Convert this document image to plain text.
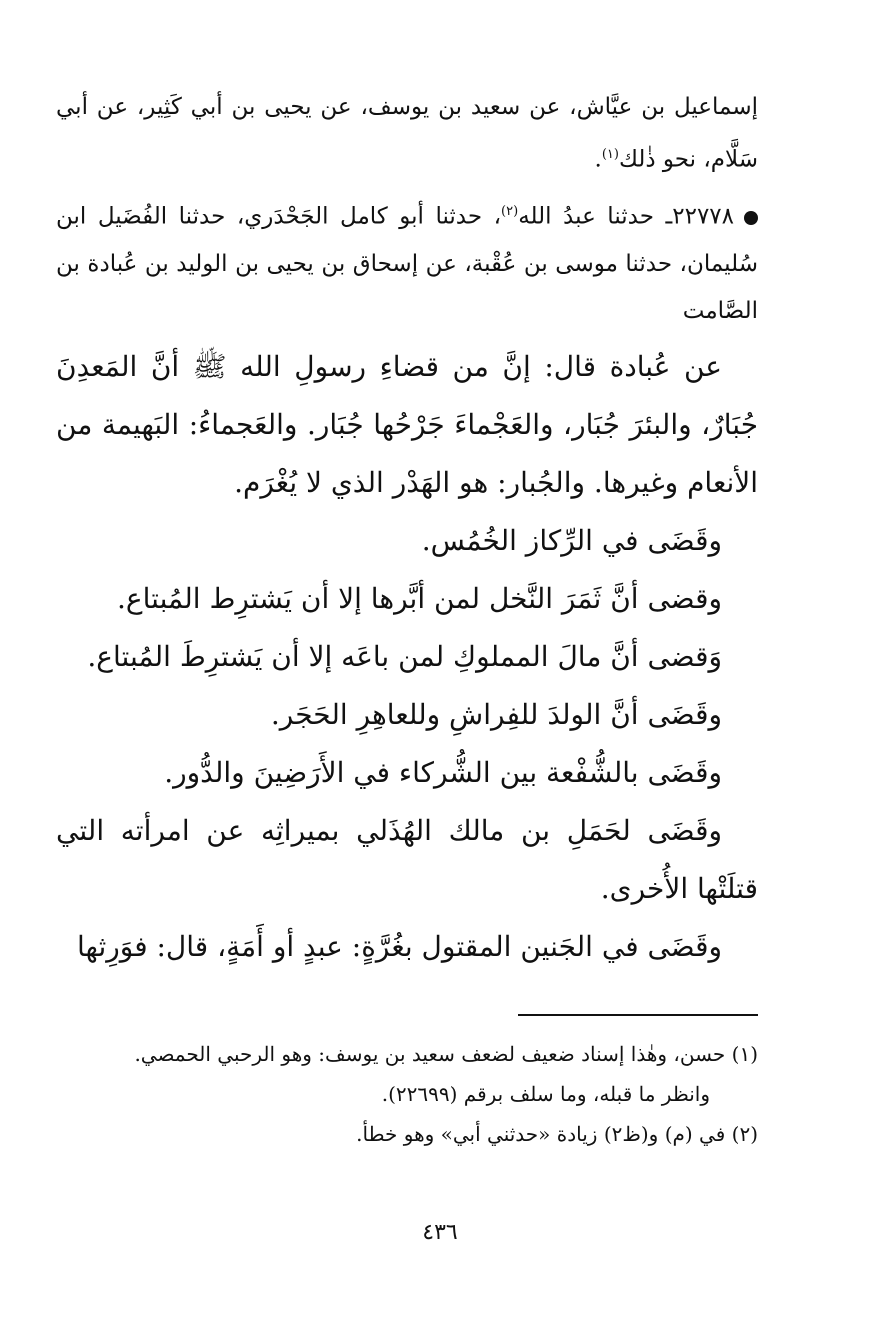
إسماعيل بن عيَّاش، عن سعيد بن يوسف، عن يحيى بن أبي كَثِير، عن أبي سَلَّام، نحو ذٰلك$^{(١)}$.
٢٢٧٧٨ـ حدثنا عبدُ الله$^{(٢)}$، حدثنا أبو كامل الجَحْدَري، حدثنا الفُضَيل ابن سُليمان، حدثنا موسى بن عُقْبة، عن إسحاق بن يحيى بن الوليد بن عُبادة بن الصَّامت

عن عُبادة قال: إنَّ من قضاءِ رسولِ الله ﷺ أنَّ المَعدِنَ جُبَارٌ، والبئرَ جُبَار، والعَجْماءَ جَرْحُها جُبَار. والعَجماءُ: البَهيمة من الأنعام وغيرها. والجُبار: هو الهَدْر الذي لا يُغْرَم.

وقَضَى في الرِّكاز الخُمُس.

وقضى أنَّ ثَمَرَ النَّخل لمن أبَّرها إلا أن يَشترِط المُبتاع.

وَقضى أنَّ مالَ المملوكِ لمن باعَه إلا أن يَشترِطَ المُبتاع.

وقَضَى أنَّ الولدَ للفِراشِ وللعاهِرِ الحَجَر.

وقَضَى بالشُّفْعة بين الشُّركاء في الأَرَضِينَ والدُّور.

وقَضَى لحَمَلِ بن مالك الهُذَلي بميراثِه عن امرأته التي قتلَتْها الأُخرى.

وقَضَى في الجَنين المقتول بغُرَّةٍ: عبدٍ أو أَمَةٍ، قال: فوَرِثها

(١) حسن، وهٰذا إسناد ضعيف لضعف سعيد بن يوسف: وهو الرحبي الحمصي.

وانظر ما قبله، وما سلف برقم (٢٢٦٩٩).

(٢) في (م) و(ظ٢) زيادة «حدثني أبي» وهو خطأ.

٤٣٦
